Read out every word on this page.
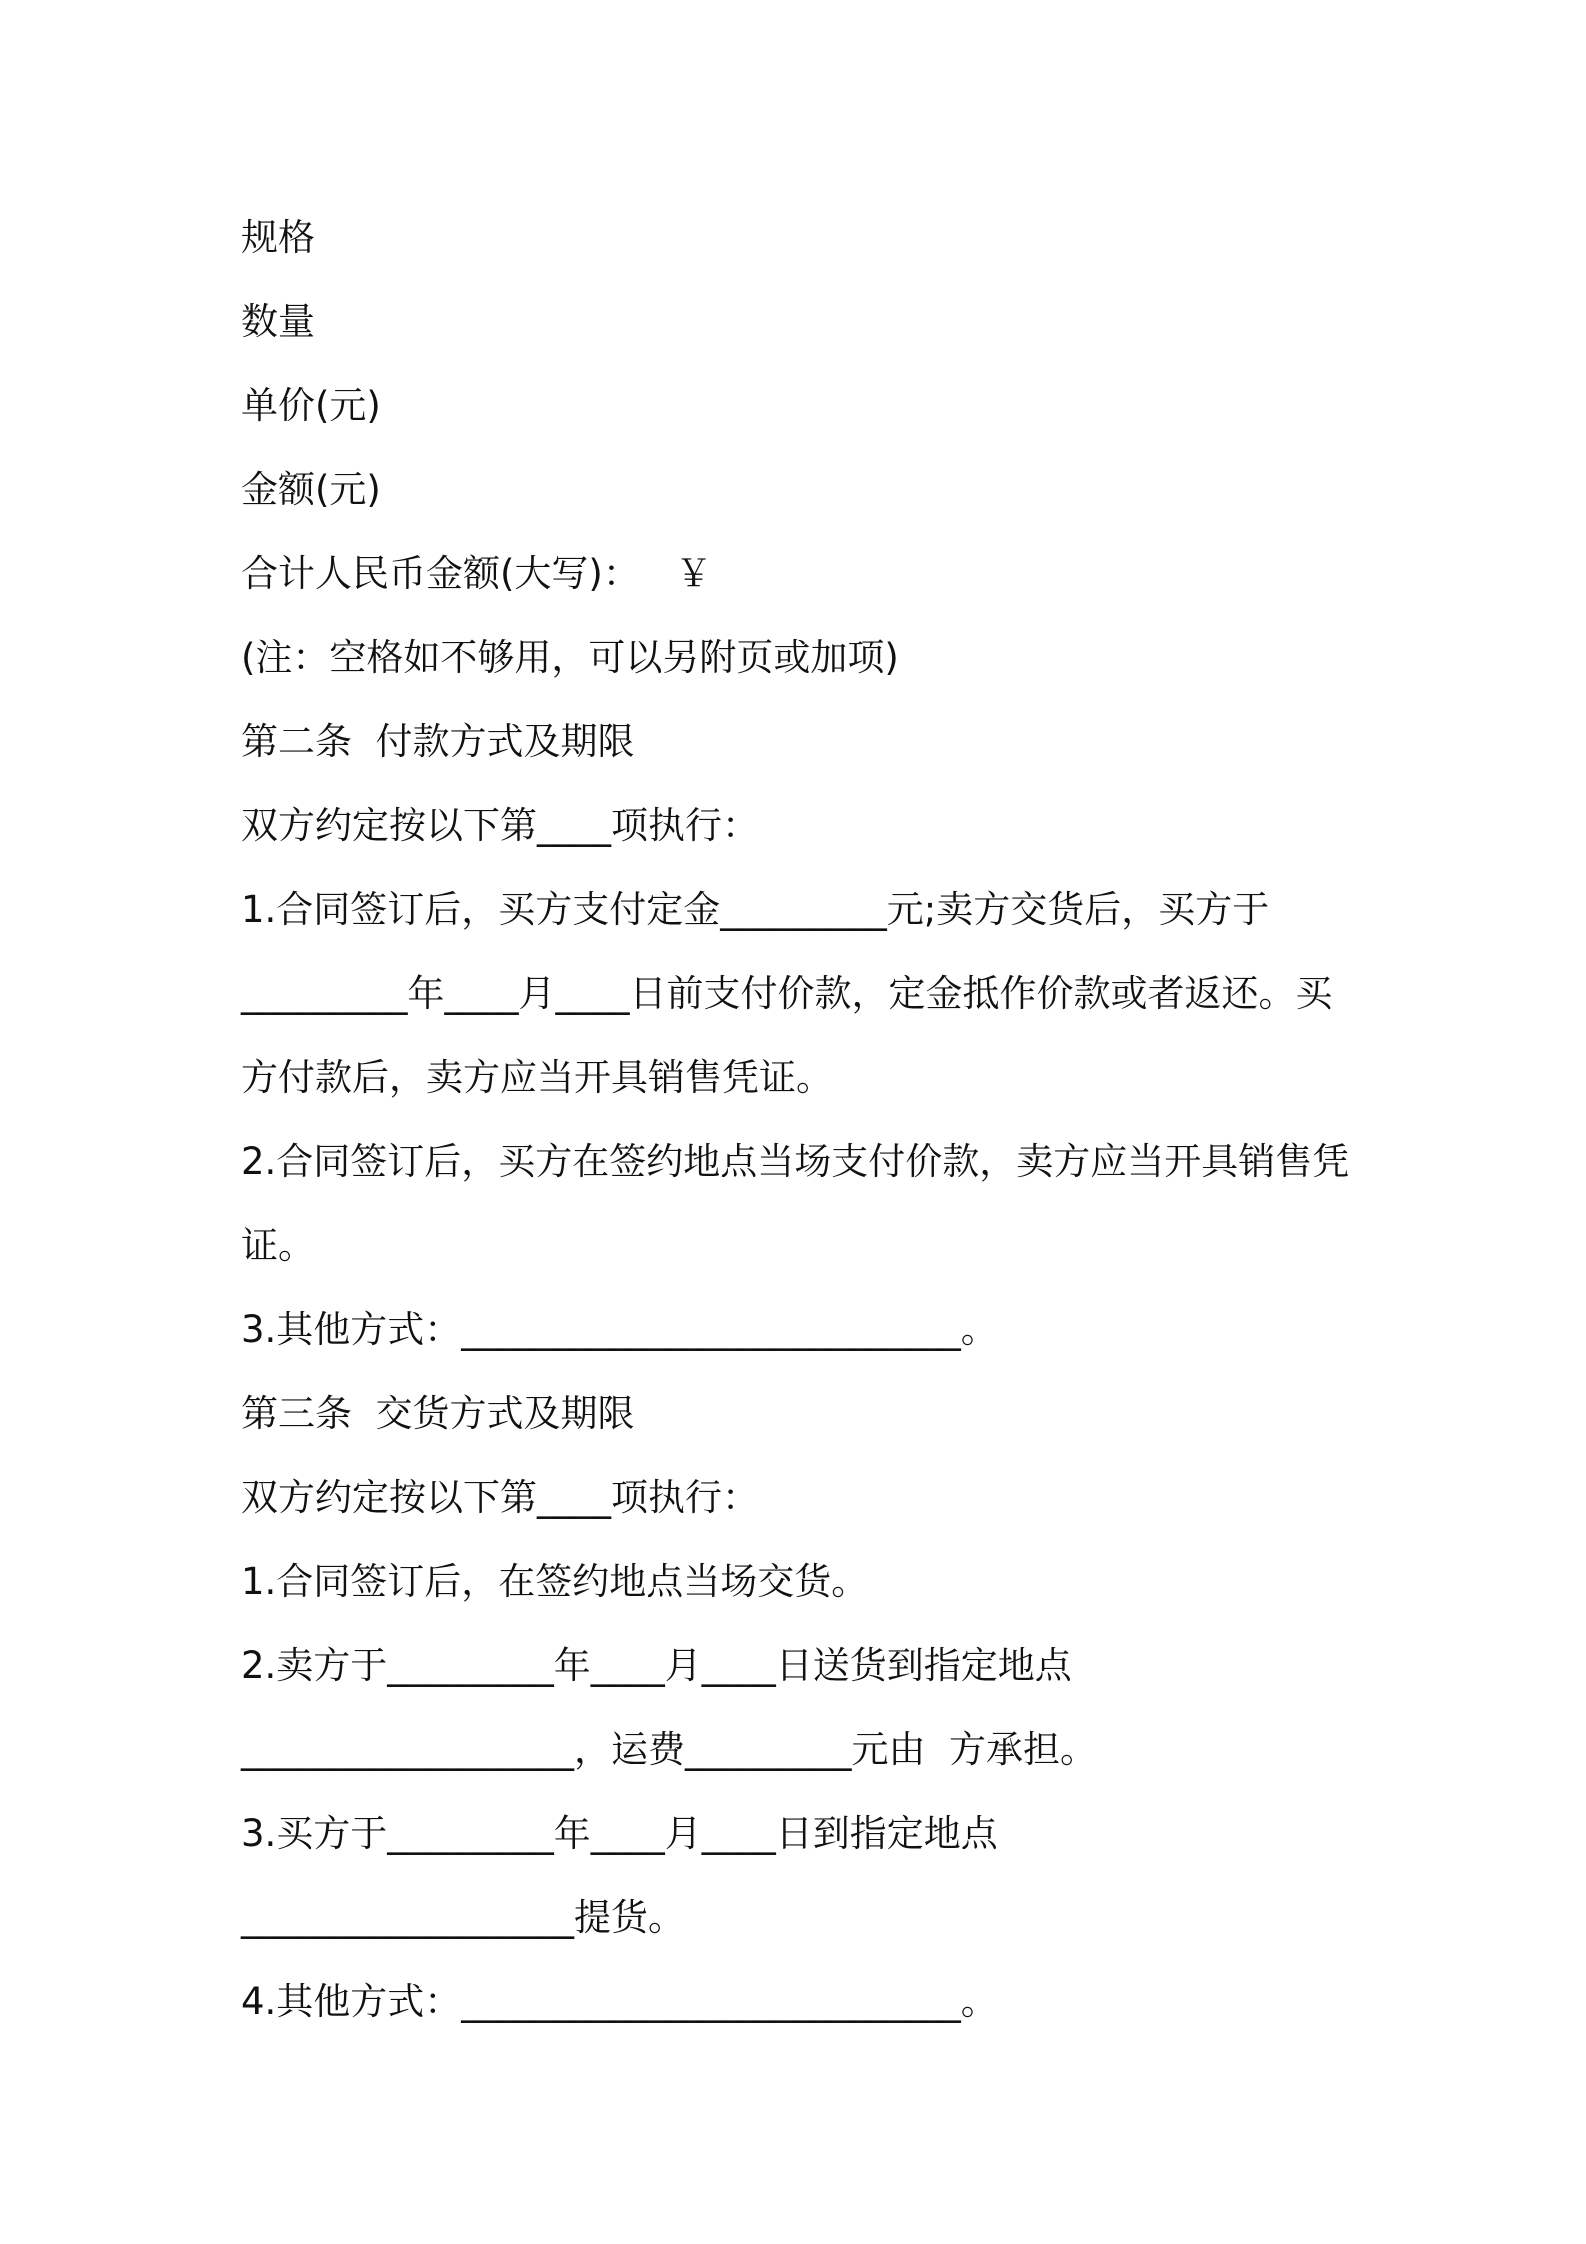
规格

数量

单价(元)

金额(元)

合计人民币金额(大写)：   ￥

(注：空格如不够用，可以另附页或加项)

第二条  付款方式及期限

双方约定按以下第____项执行：

1.合同签订后，买方支付定金_________元;卖方交货后，买方于

_________年____月____日前支付价款，定金抵作价款或者返还。买

方付款后，卖方应当开具销售凭证。

2.合同签订后，买方在签约地点当场支付价款，卖方应当开具销售凭

证。

3.其他方式：___________________________。

第三条  交货方式及期限

双方约定按以下第____项执行：

1.合同签订后，在签约地点当场交货。

2.卖方于_________年____月____日送货到指定地点

__________________，运费_________元由  方承担。

3.买方于_________年____月____日到指定地点

__________________提货。

4.其他方式：___________________________。
